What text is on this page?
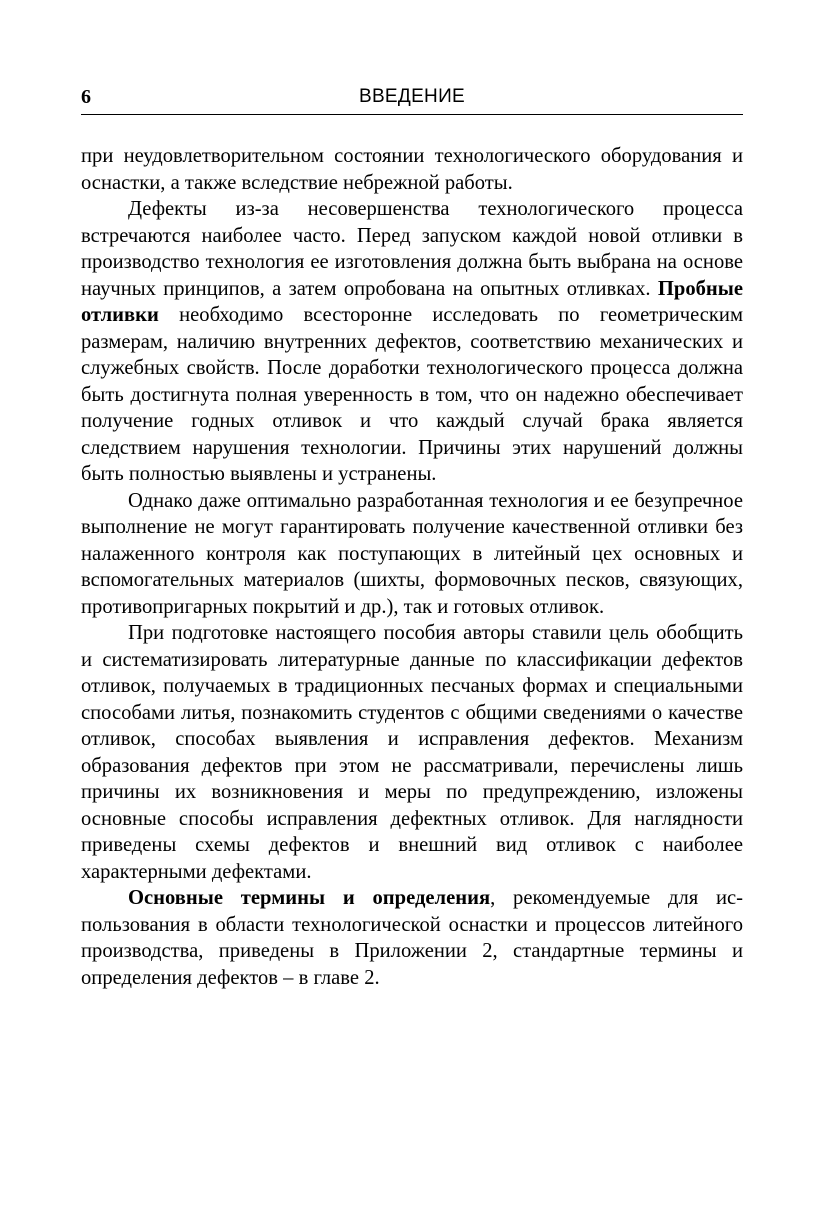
6	ВВЕДЕНИЕ

при неудовлетворительном состоянии технологического оборудования и оснастки, а также вследствие небрежной работы.

Дефекты из-за несовершенства технологического процесса встречаются наиболее часто. Перед запуском каждой новой отливки в производство технология ее изготовления должна быть выбрана на основе научных принципов, а затем опробована на опытных отливках. Пробные отливки необходимо всесторонне исследовать по геометрическим размерам, наличию внутренних дефектов, соответствию механических и служебных свойств. После доработки технологического процесса должна быть достигнута полная уверенность в том, что он надежно обеспечивает получение годных отливок и что каждый случай брака является следствием нарушения технологии. Причины этих нарушений должны быть полностью выявлены и устранены.

Однако даже оптимально разработанная технология и ее безупречное выполнение не могут гарантировать получение качественной отливки без налаженного контроля как поступающих в литейный цех основных и вспомогательных материалов (шихты, формовочных песков, связующих, противопригарных покрытий и др.), так и готовых отливок.

При подготовке настоящего пособия авторы ставили цель обобщить и систематизировать литературные данные по классификации дефектов отливок, получаемых в традиционных песчаных формах и специальными способами литья, познакомить студентов с общими сведениями о качестве отливок, способах выявления и исправления дефектов. Механизм образования дефектов при этом не рассматривали, перечислены лишь причины их возникновения и меры по предупреждению, изложены основные способы исправления дефектных отливок. Для наглядности приведены схемы дефектов и внешний вид отливок с наиболее характерными дефектами.

Основные термины и определения, рекомендуемые для использования в области технологической оснастки и процессов литейного производства, приведены в Приложении 2, стандартные термины и определения дефектов – в главе 2.
